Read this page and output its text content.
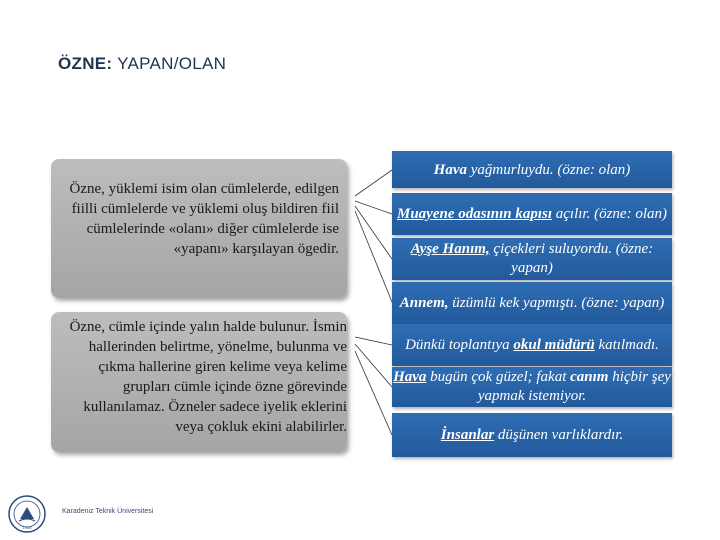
ÖZNE: YAPAN/OLAN
Özne, yüklemi isim olan cümlelerde, edilgen fiilli cümlelerde ve yüklemi oluş bildiren fiil cümlelerinde «olanı» diğer cümlelerde ise «yapanı» karşılayan ögedir.
Özne, cümle içinde yalın halde bulunur. İsmin hallerinden belirtme, yönelme, bulunma ve çıkma hallerine giren kelime veya kelime grupları cümle içinde özne görevinde kullanılamaz. Özneler sadece iyelik eklerini veya çokluk ekini alabilirler.
Hava yağmurluydu. (özne: olan)
Muayene odasının kapısı açılır. (özne: olan)
Ayşe Hanım, çiçekleri suluyordu. (özne: yapan)
Annem, üzümlü kek yapmıştı. (özne: yapan)
Dünkü toplantıya okul müdürü katılmadı.
Hava bugün çok güzel; fakat canım hiçbir şey yapmak istemiyor.
İnsanlar düşünen varlıklardır.
1955
Karadeniz Teknik Üniversitesi
